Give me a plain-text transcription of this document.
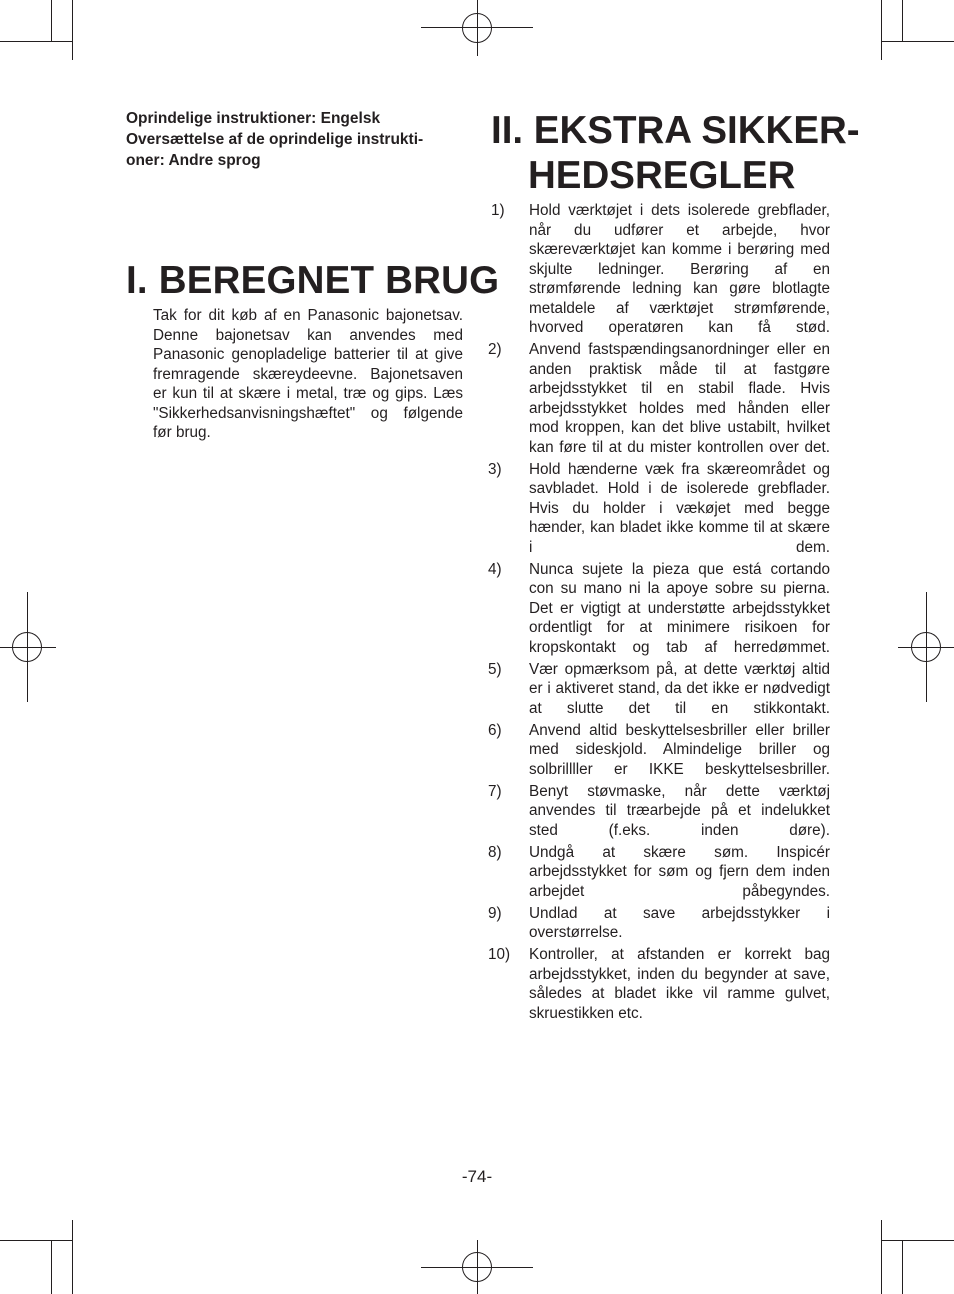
Oprindelige instruktioner: Engelsk

Oversættelse af de oprindelige instrukti-

oner: Andre sprog

I. BEREGNET BRUG

Tak for dit køb af en Panasonic bajonetsav. Denne bajonetsav kan anvendes med Panasonic genopladelige batterier til at give fremragende skæreydeevne. Bajonetsaven er kun til at skære i metal, træ og gips. Læs "Sikkerhedsanvisningshæftet" og følgende før brug.

II. EKSTRA SIKKER-
HEDSREGLER
1)	Hold værktøjet i dets isolerede grebflader, når du udfører et arbejde, hvor skæreværktøjet kan komme i berøring med skjulte ledninger. Berøring af en strømførende ledning kan gøre blotlagte metaldele af værktøjet strømførende, hvorved operatøren kan få stød.
2)	Anvend fastspændingsanordninger eller en anden praktisk måde til at fastgøre arbejdsstykket til en stabil flade. Hvis arbejdsstykket holdes med hånden eller mod kroppen, kan det blive ustabilt, hvilket kan føre til at du mister kontrollen over det.
3)	Hold hænderne væk fra skæreområdet og savbladet. Hold i de isolerede grebflader. Hvis du holder i vækøjet med begge hænder, kan bladet ikke komme til at skære i dem.
4)	Nunca sujete la pieza que está cortando con su mano ni la apoye sobre su pierna. Det er vigtigt at understøtte arbejdsstykket ordentligt for at minimere risikoen for kropskontakt og tab af herredømmet.
5)	Vær opmærksom på, at dette værktøj altid er i aktiveret stand, da det ikke er nødvedigt at slutte det til en stikkontakt.
6)	Anvend altid beskyttelsesbriller eller briller med sideskjold. Almindelige briller og solbrillller er IKKE beskyttelsesbriller.
7)	Benyt støvmaske, når dette værktøj anvendes til træarbejde på et indelukket sted (f.eks. inden døre).
8)	Undgå at skære søm. Inspicér arbejdsstykket for søm og fjern dem inden arbejdet påbegyndes.
9)	Undlad at save arbejdsstykker i overstørrelse.
10)	Kontroller, at afstanden er korrekt bag arbejdsstykket, inden du begynder at save, således at bladet ikke vil ramme gulvet, skruestikken etc.

-74-
